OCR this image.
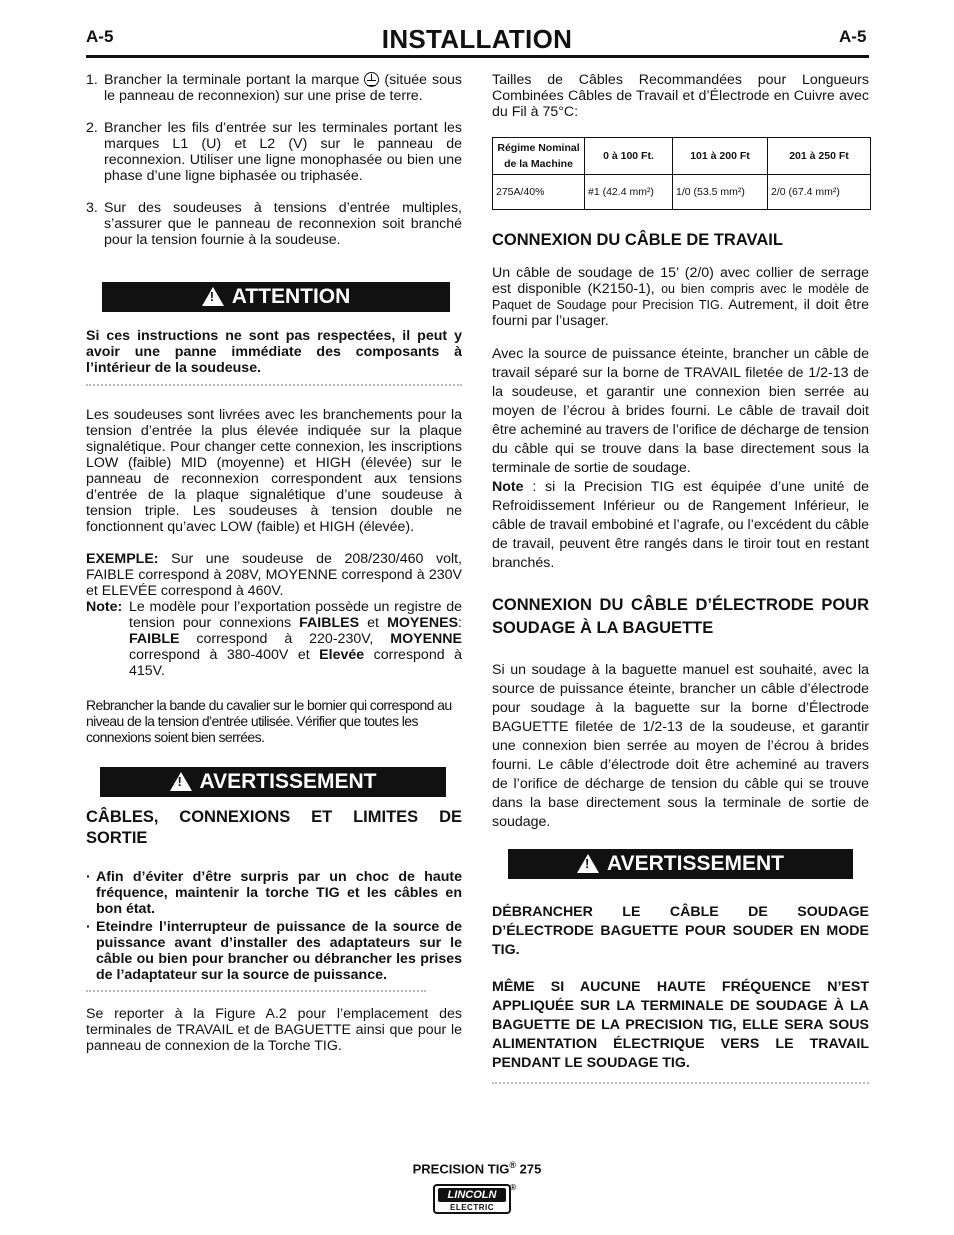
A-5	INSTALLATION	A-5
1. Brancher la terminale portant la marque (située sous le panneau de reconnexion) sur une prise de terre.
2. Brancher les fils d’entrée sur les terminales portant les marques L1 (U) et L2 (V) sur le panneau de reconnexion. Utiliser une ligne monophasée ou bien une phase d’une ligne biphasée ou triphasée.
3. Sur des soudeuses à tensions d’entrée multiples, s’assurer que le panneau de reconnexion soit branché pour la tension fournie à la soudeuse.
!
ATTENTION

Si ces instructions ne sont pas respectées, il peut y avoir une panne immédiate des composants à l’intérieur de la soudeuse.

Les soudeuses sont livrées avec les branchements pour la tension d’entrée la plus élevée indiquée sur la plaque signalétique. Pour changer cette connexion, les inscriptions LOW (faible) MID (moyenne) et HIGH (élevée) sur le panneau de reconnexion correspondent aux tensions d’entrée de la plaque signalétique d’une soudeuse à tension triple. Les soudeuses à tension double ne fonctionnent qu’avec LOW (faible) et HIGH (élevée).

EXEMPLE: Sur une soudeuse de 208/230/460 volt, FAIBLE correspond à 208V, MOYENNE correspond à 230V et ELEVÉE correspond à 460V.

Note: Le modèle pour l’exportation possède un registre de tension pour connexions FAIBLES et MOYENES: FAIBLE correspond à 220-230V, MOYENNE correspond à 380-400V et Elevée correspond à 415V.

Rebrancher la bande du cavalier sur le bornier qui correspond au niveau de la tension d’entrée utilisée. Vérifier que toutes les connexions soient bien serrées.

!
AVERTISSEMENT
CÂBLES, CONNEXIONS ET LIMITES DE SORTIE
· Afin d’éviter d’être surpris par un choc de haute fréquence, maintenir la torche TIG et les câbles en bon état.
· Eteindre l’interrupteur de puissance de la source de puissance avant d’installer des adaptateurs sur le câble ou bien pour brancher ou débrancher les prises de l’adaptateur sur la source de puissance.

Se reporter à la Figure A.2 pour l’emplacement des terminales de TRAVAIL et de BAGUETTE ainsi que pour le panneau de connexion de la Torche TIG.

Tailles de Câbles Recommandées pour Longueurs Combinées Câbles de Travail et d’Électrode en Cuivre avec du Fil à 75°C:

Régime Nominal de la Machine	0 à 100 Ft.	101 à 200 Ft	201 à 250 Ft
275A/40%	#1 (42.4 mm²)	1/0 (53.5 mm²)	2/0 (67.4 mm²)
CONNEXION DU CÂBLE DE TRAVAIL

Un câble de soudage de 15’ (2/0) avec collier de serrage est disponible (K2150-1), ou bien compris avec le modèle de Paquet de Soudage pour Precision TIG. Autrement, il doit être fourni par l’usager.

Avec la source de puissance éteinte, brancher un câble de travail séparé sur la borne de TRAVAIL filetée de 1/2-13 de la soudeuse, et garantir une connexion bien serrée au moyen de l’écrou à brides fourni. Le câble de travail doit être acheminé au travers de l’orifice de décharge de tension du câble qui se trouve dans la base directement sous la terminale de sortie de soudage.

Note : si la Precision TIG est équipée d’une unité de Refroidissement Inférieur ou de Rangement Inférieur, le câble de travail embobiné et l’agrafe, ou l’excédent du câble de travail, peuvent être rangés dans le tiroir tout en restant branchés.

CONNEXION DU CÂBLE D’ÉLECTRODE POUR SOUDAGE À LA BAGUETTE

Si un soudage à la baguette manuel est souhaité, avec la source de puissance éteinte, brancher un câble d’électrode pour soudage à la baguette sur la borne d’Électrode BAGUETTE filetée de 1/2-13 de la soudeuse, et garantir une connexion bien serrée au moyen de l’écrou à brides fourni. Le câble d’électrode doit être acheminé au travers de l’orifice de décharge de tension du câble qui se trouve dans la base directement sous la terminale de sortie de soudage.

!
AVERTISSEMENT

DÉBRANCHER LE CÂBLE DE SOUDAGE D’ÉLECTRODE BAGUETTE POUR SOUDER EN MODE TIG.

MÊME SI AUCUNE HAUTE FRÉQUENCE N’EST APPLIQUÉE SUR LA TERMINALE DE SOUDAGE À LA BAGUETTE DE LA PRECISION TIG, ELLE SERA SOUS ALIMENTATION ÉLECTRIQUE VERS LE TRAVAIL PENDANT LE SOUDAGE TIG.

PRECISION TIG® 275
LINCOLN
ELECTRIC
®
